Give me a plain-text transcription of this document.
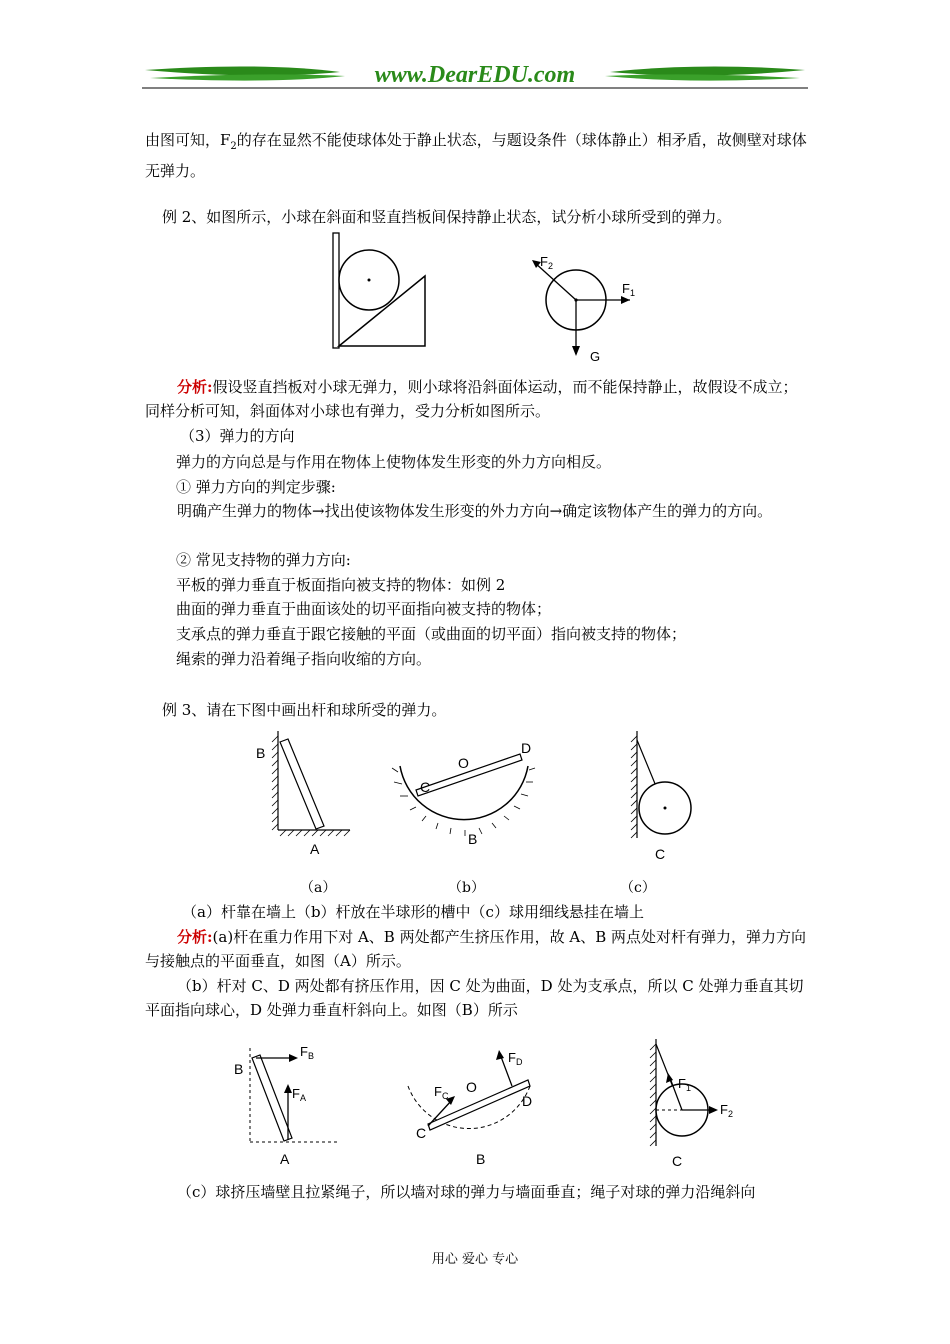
www.DearEDU.com

由图可知，$F_2$的存在显然不能使球体处于静止状态，与题设条件（球体静止）相矛盾，故侧壁对球体无弹力。

例 2、如图所示，小球在斜面和竖直挡板间保持静止状态，试分析小球所受到的弹力。

$F_2$
$F_1$
G

分析:假设竖直挡板对小球无弹力，则小球将沿斜面体运动，而不能保持静止，故假设不成立；同样分析可知，斜面体对小球也有弹力，受力分析如图所示。

（3）弹力的方向

弹力的方向总是与作用在物体上使物体发生形变的外力方向相反。

① 弹力方向的判定步骤:

明确产生弹力的物体→找出使该物体发生形变的外力方向→确定该物体产生的弹力的方向。

② 常见支持物的弹力方向:

平板的弹力垂直于板面指向被支持的物体：如例 2

曲面的弹力垂直于曲面该处的切平面指向被支持的物体；

支承点的弹力垂直于跟它接触的平面（或曲面的切平面）指向被支持的物体；

绳索的弹力沿着绳子指向收缩的方向。

例 3、请在下图中画出杆和球所受的弹力。

B
A
O
C
D
B
C
（a）	（b）	（c）

（a）杆靠在墙上（b）杆放在半球形的槽中（c）球用细线悬挂在墙上

分析:(a)杆在重力作用下对 A、B 两处都产生挤压作用，故 A、B 两点处对杆有弹力，弹力方向与接触点的平面垂直，如图（A）所示。

（b）杆对 C、D 两处都有挤压作用，因 C 处为曲面，D 处为支承点，所以 C 处弹力垂直其切平面指向球心，D 处弹力垂直杆斜向上。如图（B）所示

$F_B$
$F_A$
B
A
$F_C$
$F_D$
O
C
D
B
$F_1$
$F_2$
C

（c）球挤压墙壁且拉紧绳子，所以墙对球的弹力与墙面垂直；绳子对球的弹力沿绳斜向

用心 爱心 专心
